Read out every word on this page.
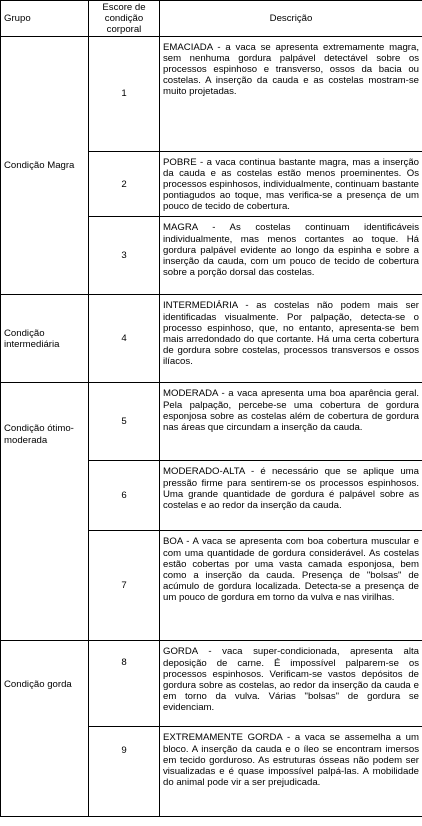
Grupo	Escore de condição corporal	Descrição
Condição Magra	1	EMACIADA - a vaca se apresenta extremamente magra, sem nenhuma gordura palpável detectável sobre os processos espinhoso e transverso, ossos da bacia ou costelas. A inserção da cauda e as costelas mostram-se muito projetadas.
	2	POBRE - a vaca continua bastante magra, mas a inserção da cauda e as costelas estão menos proeminentes. Os processos espinhosos, individualmente, continuam bastante pontiagudos ao toque, mas verifica-se a presença de um pouco de tecido de cobertura.
	3	MAGRA - As costelas continuam identificáveis individualmente, mas menos cortantes ao toque. Há gordura palpável evidente ao longo da espinha e sobre a inserção da cauda, com um pouco de tecido de cobertura sobre a porção dorsal das costelas.
Condição intermediária	4	INTERMEDIÁRIA - as costelas não podem mais ser identificadas visualmente. Por palpação, detecta-se o processo espinhoso, que, no entanto, apresenta-se bem mais arredondado do que cortante. Há uma certa cobertura de gordura sobre costelas, processos transversos e ossos ilíacos.
Condição ótimo-moderada	5	MODERADA - a vaca apresenta uma boa aparência geral. Pela palpação, percebe-se uma cobertura de gordura esponjosa sobre as costelas além de cobertura de gordura nas áreas que circundam a inserção da cauda.
	6	MODERADO-ALTA - é necessário que se aplique uma pressão firme para sentirem-se os processos espinhosos. Uma grande quantidade de gordura é palpável sobre as costelas e ao redor da inserção da cauda.
	7	BOA - A vaca se apresenta com boa cobertura muscular e com uma quantidade de gordura considerável. As costelas estão cobertas por uma vasta camada esponjosa, bem como a inserção da cauda. Presença de "bolsas" de acúmulo de gordura localizada. Detecta-se a presença de um pouco de gordura em torno da vulva e nas virilhas.
Condição gorda	8	GORDA - vaca super-condicionada, apresenta alta deposição de carne. É impossível palparem-se os processos espinhosos. Verificam-se vastos depósitos de gordura sobre as costelas, ao redor da inserção da cauda e em torno da vulva. Várias "bolsas" de gordura se evidenciam.
	9	EXTREMAMENTE GORDA - a vaca se assemelha a um bloco. A inserção da cauda e o íleo se encontram imersos em tecido gorduroso. As estruturas ósseas não podem ser visualizadas e é quase impossível palpá-las. A mobilidade do animal pode vir a ser prejudicada.
